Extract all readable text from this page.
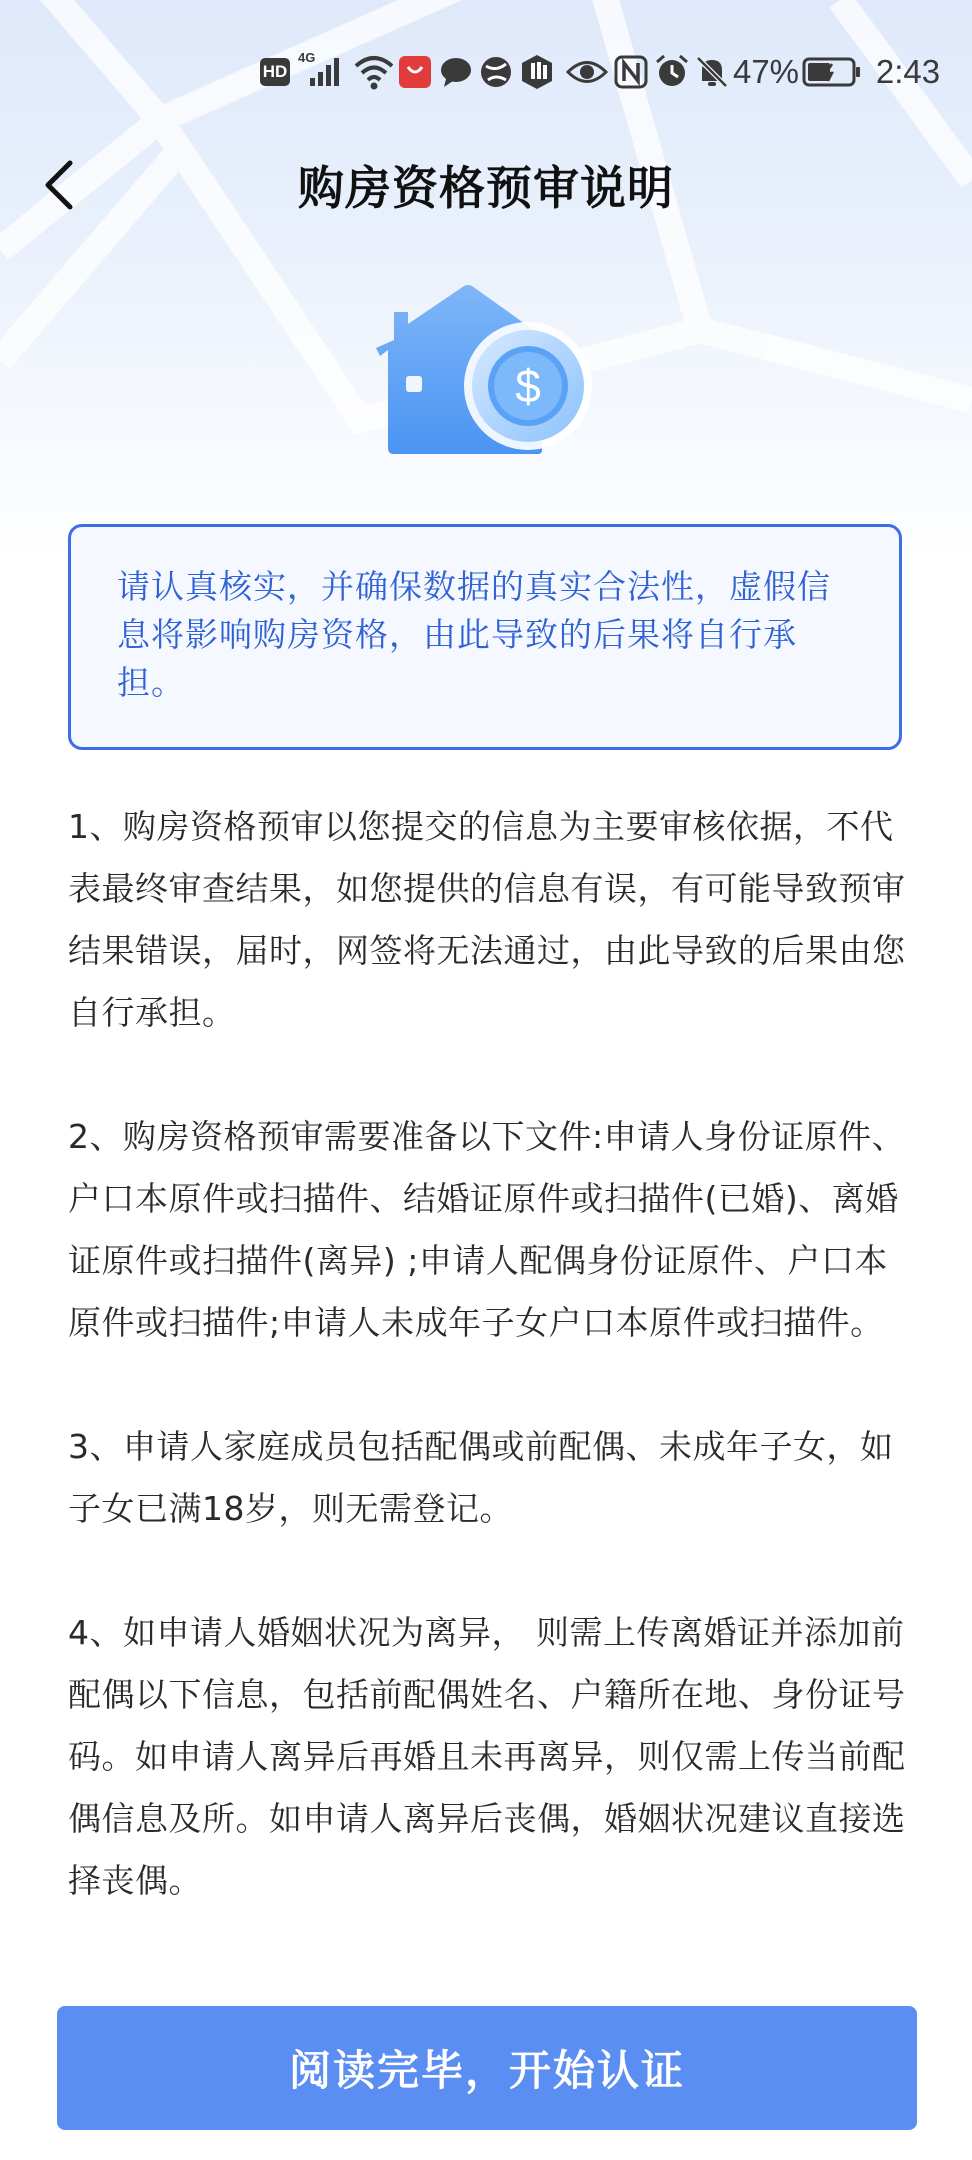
HD
4G	47% 2:43
购房资格预审说明
$
请认真核实，并确保数据的真实合法性，虚假信息将影响购房资格，由此导致的后果将自行承担。

1、购房资格预审以您提交的信息为主要审核依据，不代表最终审查结果，如您提供的信息有误，有可能导致预审结果错误，届时，网签将无法通过，由此导致的后果由您自行承担。

2、购房资格预审需要准备以下文件:申请人身份证原件、户口本原件或扫描件、结婚证原件或扫描件(已婚)、离婚证原件或扫描件(离异) ;申请人配偶身份证原件、户口本原件或扫描件;申请人未成年子女户口本原件或扫描件。

3、申请人家庭成员包括配偶或前配偶、未成年子女，如子女已满18岁，则无需登记。

4、如申请人婚姻状况为离异， 则需上传离婚证并添加前配偶以下信息，包括前配偶姓名、户籍所在地、身份证号码。如申请人离异后再婚且未再离异，则仅需上传当前配偶信息及所。如申请人离异后丧偶，婚姻状况建议直接选择丧偶。

阅读完毕，开始认证
